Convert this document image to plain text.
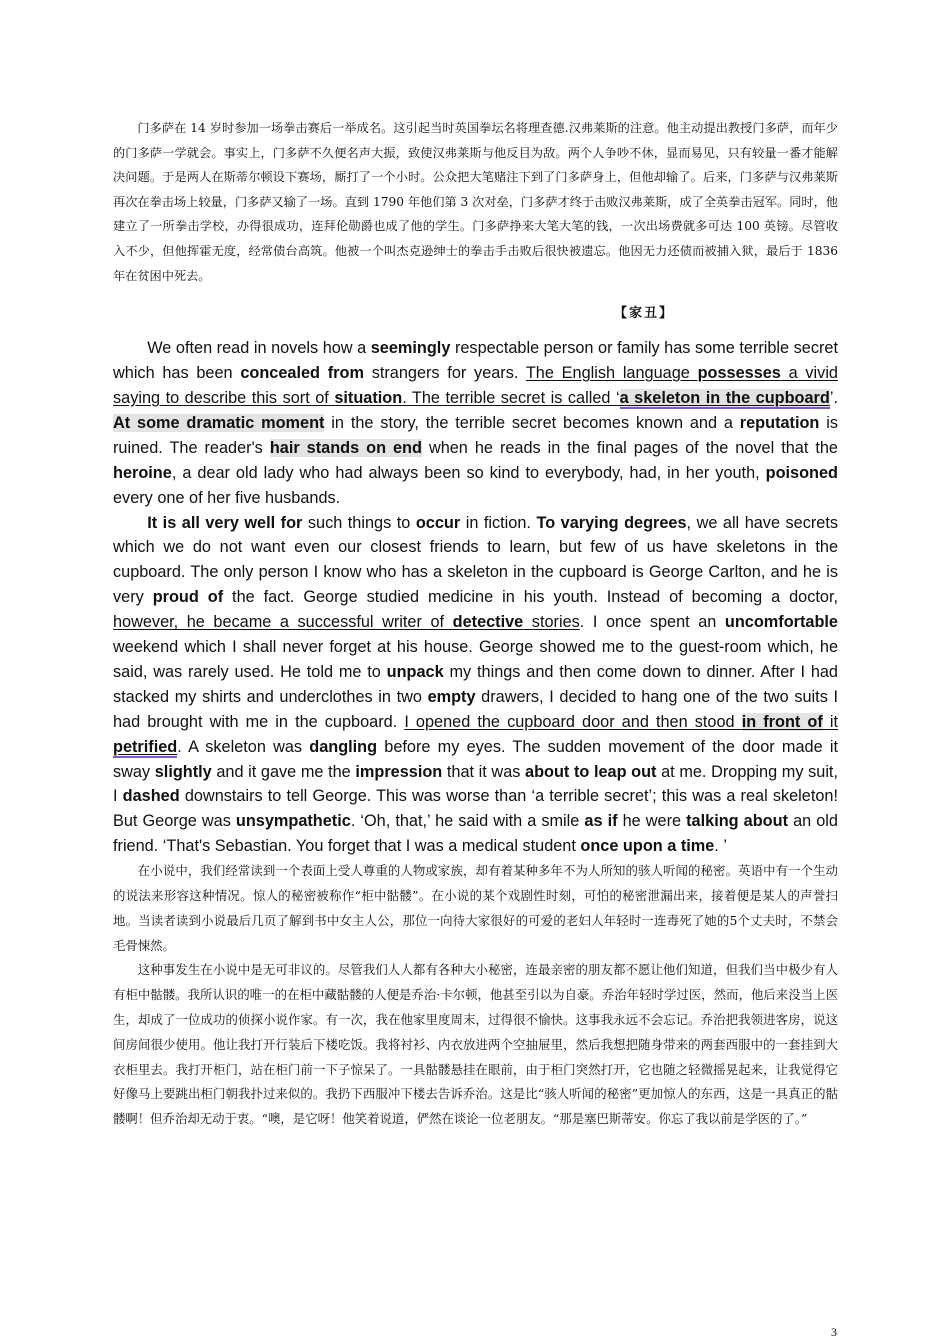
门多萨在 14 岁时参加一场拳击赛后一举成名。这引起当时英国拳坛名将理查德.汉弗莱斯的注意。他主动提出教授门多萨，而年少的门多萨一学就会。事实上，门多萨不久便名声大振，致使汉弗莱斯与他反目为敌。两个人争吵不休，显而易见，只有较量一番才能解决问题。于是两人在斯蒂尔顿设下赛场，厮打了一个小时。公众把大笔赌注下到了门多萨身上，但他却输了。后来，门多萨与汉弗莱斯再次在拳击场上较量，门多萨又输了一场。直到 1790 年他们第 3 次对垒，门多萨才终于击败汉弗莱斯，成了全英拳击冠军。同时，他建立了一所拳击学校，办得很成功，连拜伦勋爵也成了他的学生。门多萨挣来大笔大笔的钱，一次出场费就多可达 100 英镑。尽管收入不少，但他挥霍无度，经常债台高筑。他被一个叫杰克逊绅士的拳击手击败后很快被遗忘。他因无力还债而被捕入狱，最后于 1836 年在贫困中死去。

【家丑】

We often read in novels how a seemingly respectable person or family has some terrible secret which has been concealed from strangers for years. The English language possesses a vivid saying to describe this sort of situation. The terrible secret is called ‘a skeleton in the cupboard’. At some dramatic moment in the story, the terrible secret becomes known and a reputation is ruined. The reader's hair stands on end when he reads in the final pages of the novel that the heroine, a dear old lady who had always been so kind to everybody, had, in her youth, poisoned every one of her five husbands.

It is all very well for such things to occur in fiction. To varying degrees, we all have secrets which we do not want even our closest friends to learn, but few of us have skeletons in the cupboard. The only person I know who has a skeleton in the cupboard is George Carlton, and he is very proud of the fact. George studied medicine in his youth. Instead of becoming a doctor, however, he became a successful writer of detective stories. I once spent an uncomfortable weekend which I shall never forget at his house. George showed me to the guest-room which, he said, was rarely used. He told me to unpack my things and then come down to dinner. After I had stacked my shirts and underclothes in two empty drawers, I decided to hang one of the two suits I had brought with me in the cupboard. I opened the cupboard door and then stood in front of it petrified. A skeleton was dangling before my eyes. The sudden movement of the door made it sway slightly and it gave me the impression that it was about to leap out at me. Dropping my suit, I dashed downstairs to tell George. This was worse than ‘a terrible secret’; this was a real skeleton! But George was unsympathetic. ‘Oh, that,’ he said with a smile as if he were talking about an old friend. ‘That's Sebastian. You forget that I was a medical student once upon a time. ’

在小说中，我们经常读到一个表面上受人尊重的人物或家族，却有着某种多年不为人所知的骇人听闻的秘密。英语中有一个生动的说法来形容这种情况。惊人的秘密被称作“柜中骷髅”。在小说的某个戏剧性时刻，可怕的秘密泄漏出来，接着便是某人的声誉扫地。当读者读到小说最后几页了解到书中女主人公，那位一向待大家很好的可爱的老妇人年轻时一连毒死了她的5个丈夫时，不禁会毛骨悚然。

这种事发生在小说中是无可非议的。尽管我们人人都有各种大小秘密，连最亲密的朋友都不愿让他们知道，但我们当中极少有人有柜中骷髅。我所认识的唯一的在柜中藏骷髅的人便是乔治·卡尔顿，他甚至引以为自豪。乔治年轻时学过医，然而，他后来没当上医生，却成了一位成功的侦探小说作家。有一次，我在他家里度周末，过得很不愉快。这事我永远不会忘记。乔治把我领进客房，说这间房间很少使用。他让我打开行装后下楼吃饭。我将衬衫、内衣放进两个空抽屉里，然后我想把随身带来的两套西服中的一套挂到大衣柜里去。我打开柜门，站在柜门前一下子惊呆了。一具骷髅悬挂在眼前，由于柜门突然打开，它也随之轻微摇晃起来，让我觉得它好像马上要跳出柜门朝我扑过来似的。我扔下西服冲下楼去告诉乔治。这是比“骇人听闻的秘密”更加惊人的东西，这是一具真正的骷髅啊！但乔治却无动于衷。“噢，是它呀！他笑着说道，俨然在谈论一位老朋友。“那是塞巴斯蒂安。你忘了我以前是学医的了。”

3
